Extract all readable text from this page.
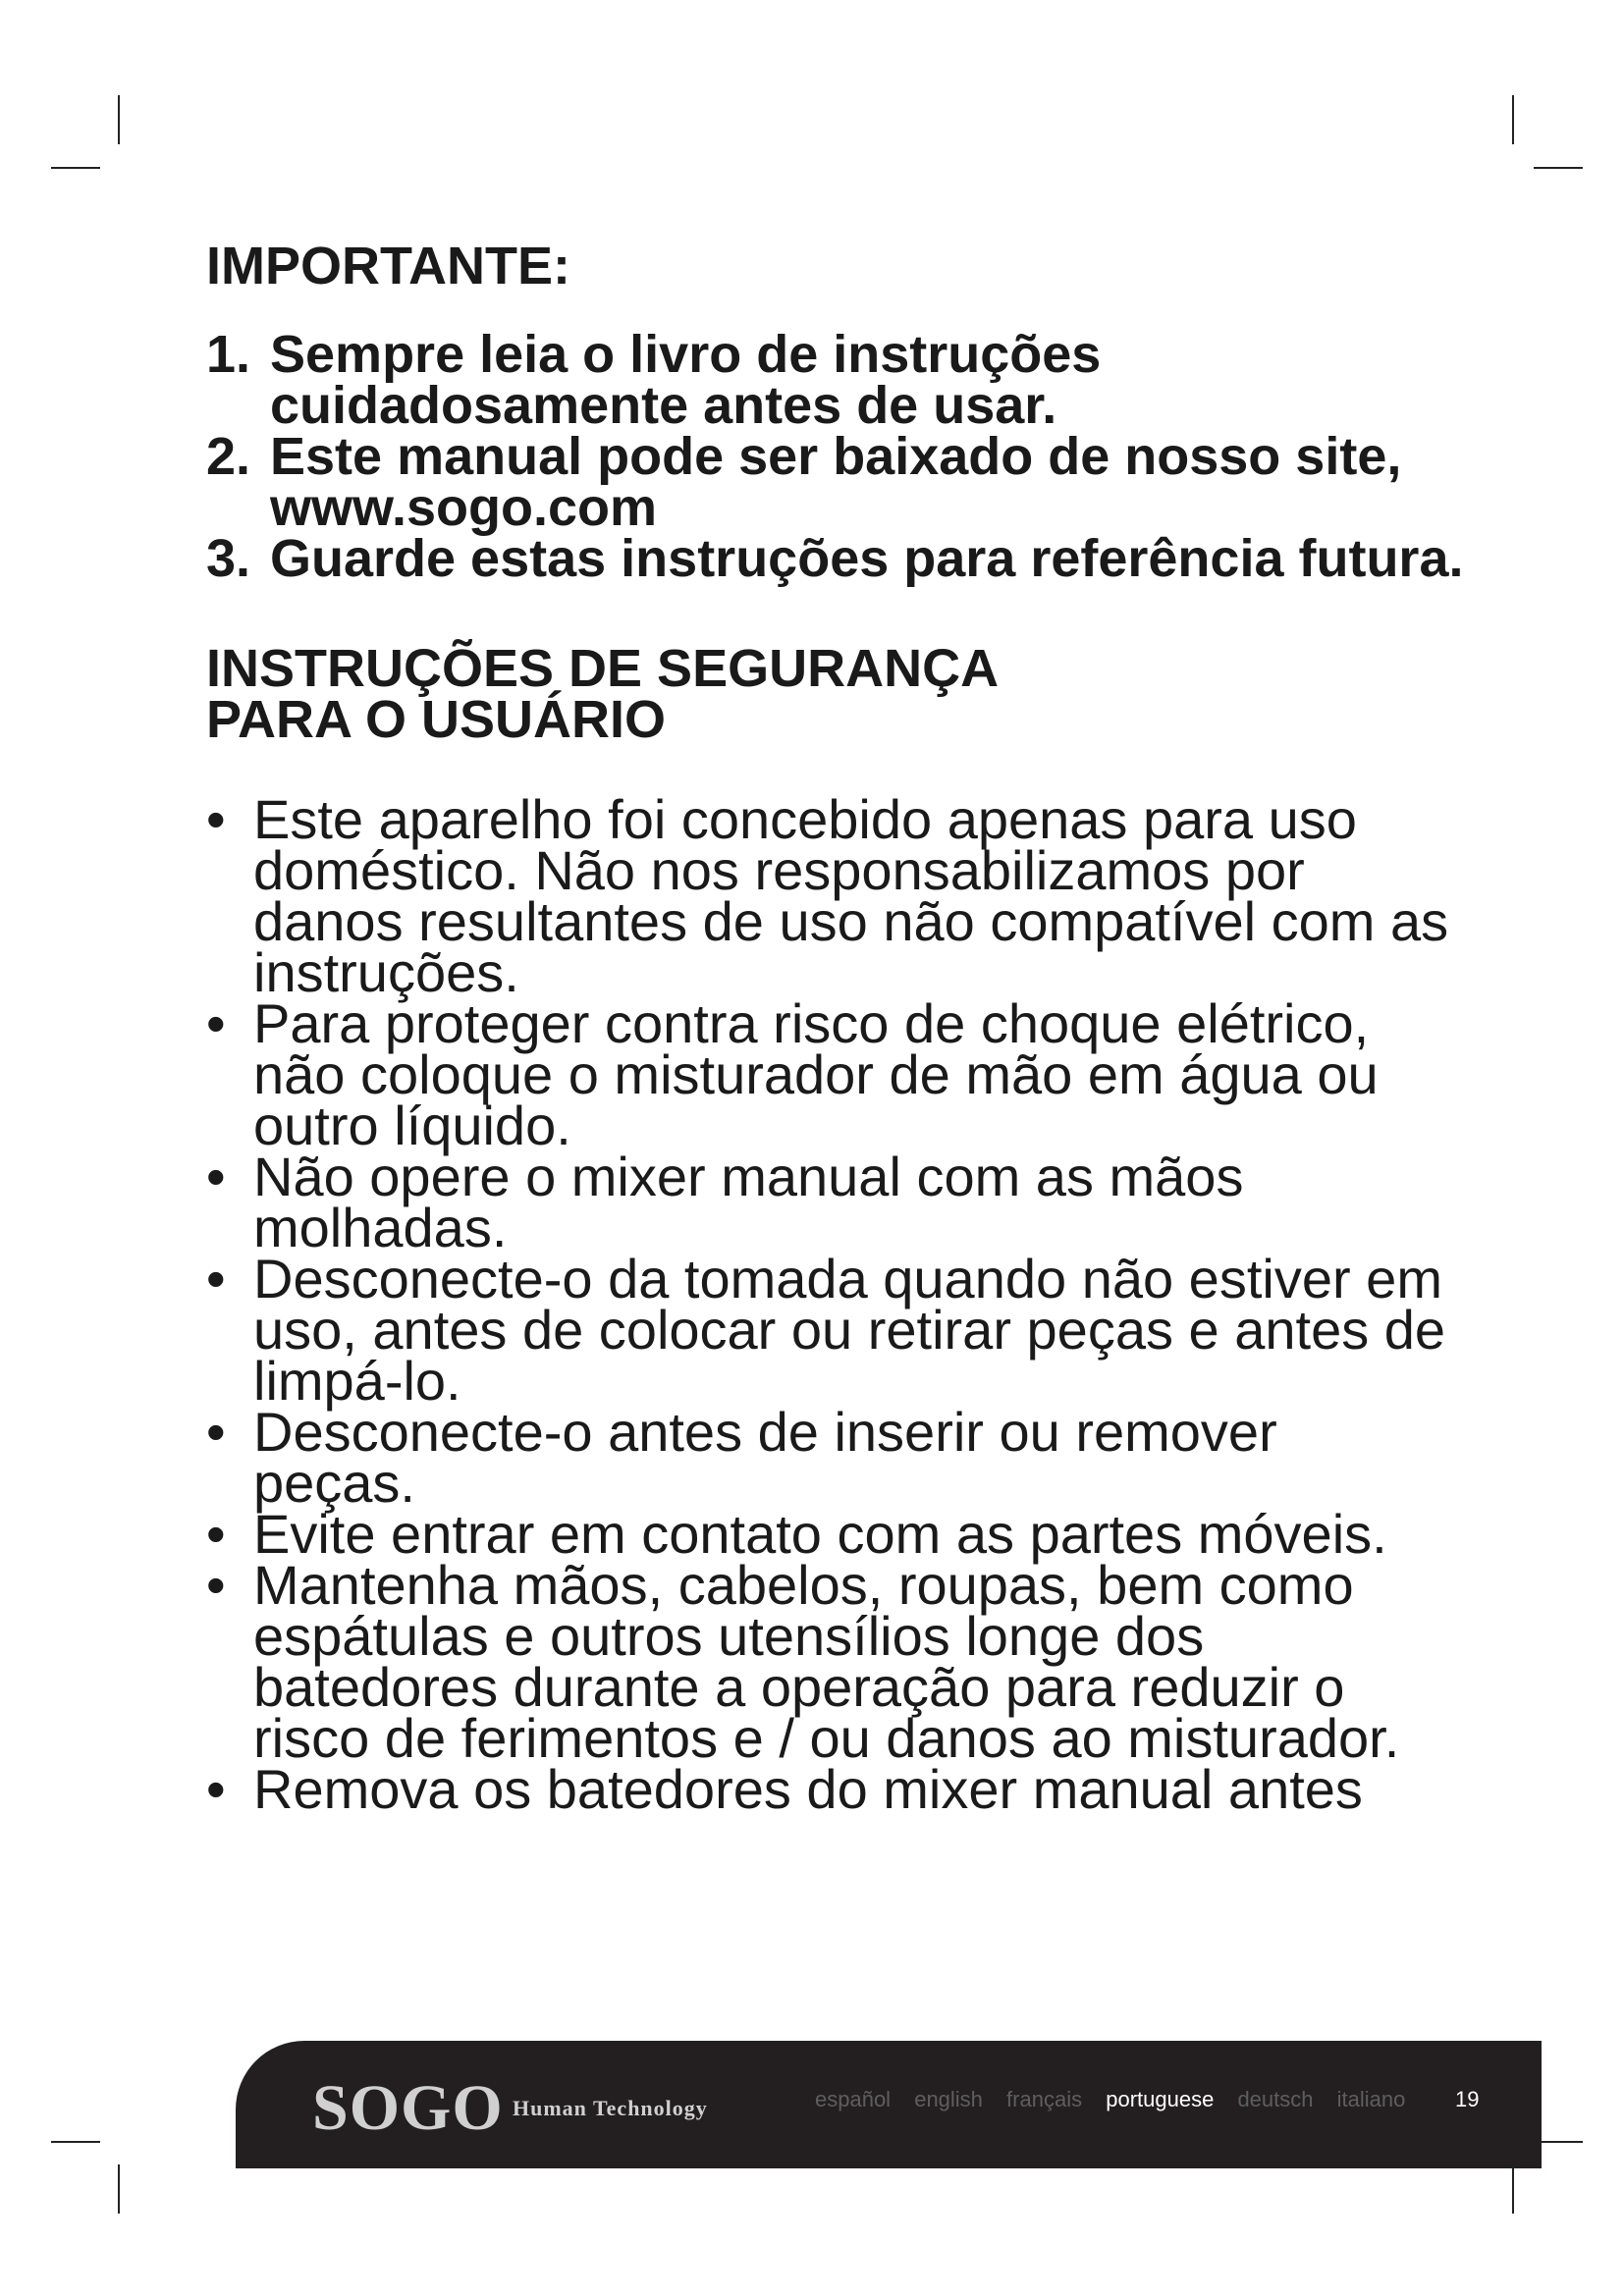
IMPORTANTE:
1. Sempre leia o livro de instruções cuidadosamente antes de usar.
2. Este manual pode ser baixado de nosso site, www.sogo.com
3. Guarde estas instruções para referência futura.
INSTRUÇÕES DE SEGURANÇA PARA O USUÁRIO
• Este aparelho foi concebido apenas para uso doméstico. Não nos responsabilizamos por danos resultantes de uso não compatível com as instruções.
• Para proteger contra risco de choque elétrico, não coloque o misturador de mão em água ou outro líquido.
• Não opere o mixer manual com as mãos molhadas.
• Desconecte-o da tomada quando não estiver em uso, antes de colocar ou retirar peças e antes de limpá-lo.
• Desconecte-o antes de inserir ou remover peças.
• Evite entrar em contato com as partes móveis.
• Mantenha mãos, cabelos, roupas, bem como espátulas e outros utensílios longe dos batedores durante a operação para reduzir o risco de ferimentos e / ou danos ao misturador.
• Remova os batedores do mixer manual antes
SOGO Human Technology	español english français portuguese deutsch italiano	19
